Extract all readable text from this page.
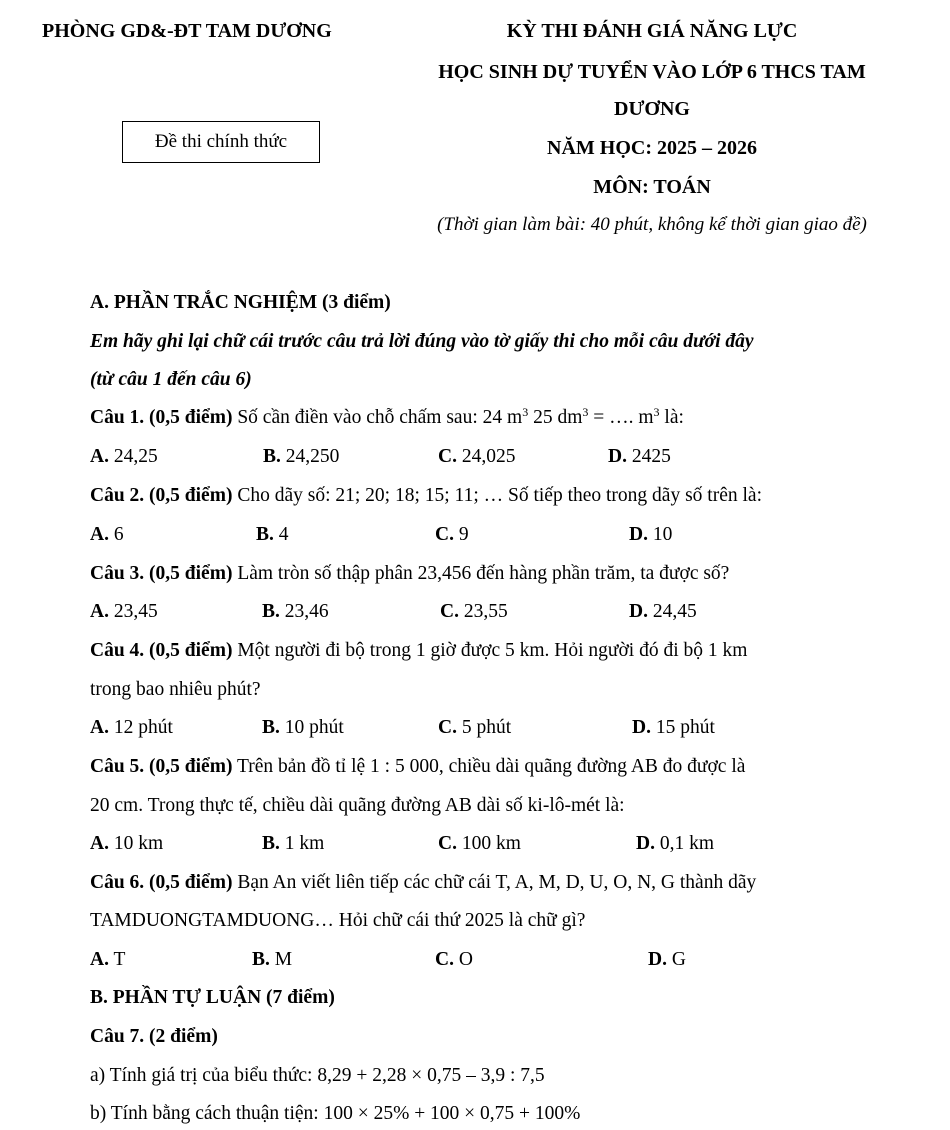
PHÒNG GD&-ĐT TAM DƯƠNG	KỲ THI ĐÁNH GIÁ NĂNG LỰC
HỌC SINH DỰ TUYỂN VÀO LỚP 6 THCS TAM
DƯƠNG
Đề thi chính thức	NĂM HỌC: 2025 – 2026
MÔN: TOÁN
(Thời gian làm bài: 40 phút, không kể thời gian giao đề)
A. PHẦN TRẮC NGHIỆM (3 điểm)
Em hãy ghi lại chữ cái trước câu trả lời đúng vào tờ giấy thi cho mỗi câu dưới đây
(từ câu 1 đến câu 6)
Câu 1. (0,5 điểm) Số cần điền vào chỗ chấm sau: 24 $m^3$ 25 $dm^3$ = …. $m^3$ là:
A. 24,25	B. 24,250	C. 24,025	D. 2425
Câu 2. (0,5 điểm) Cho dãy số: 21; 20; 18; 15; 11; … Số tiếp theo trong dãy số trên là:
A. 6	B. 4	C. 9	D. 10
Câu 3. (0,5 điểm) Làm tròn số thập phân 23,456 đến hàng phần trăm, ta được số?
A. 23,45	B. 23,46	C. 23,55	D. 24,45
Câu 4. (0,5 điểm) Một người đi bộ trong 1 giờ được 5 km. Hỏi người đó đi bộ 1 km
trong bao nhiêu phút?
A. 12 phút	B. 10 phút	C. 5 phút	D. 15 phút
Câu 5. (0,5 điểm) Trên bản đồ tỉ lệ 1 : 5 000, chiều dài quãng đường AB đo được là
20 cm. Trong thực tế, chiều dài quãng đường AB dài số ki-lô-mét là:
A. 10 km	B. 1 km	C. 100 km	D. 0,1 km
Câu 6. (0,5 điểm) Bạn An viết liên tiếp các chữ cái T, A, M, D, U, O, N, G thành dãy
TAMDUONGTAMDUONG… Hỏi chữ cái thứ 2025 là chữ gì?
A. T	B. M	C. O	D. G
B. PHẦN TỰ LUẬN (7 điểm)
Câu 7. (2 điểm)
a) Tính giá trị của biểu thức: 8,29 + 2,28 × 0,75 – 3,9 : 7,5
b) Tính bằng cách thuận tiện: 100 × 25% + 100 × 0,75 + 100%
